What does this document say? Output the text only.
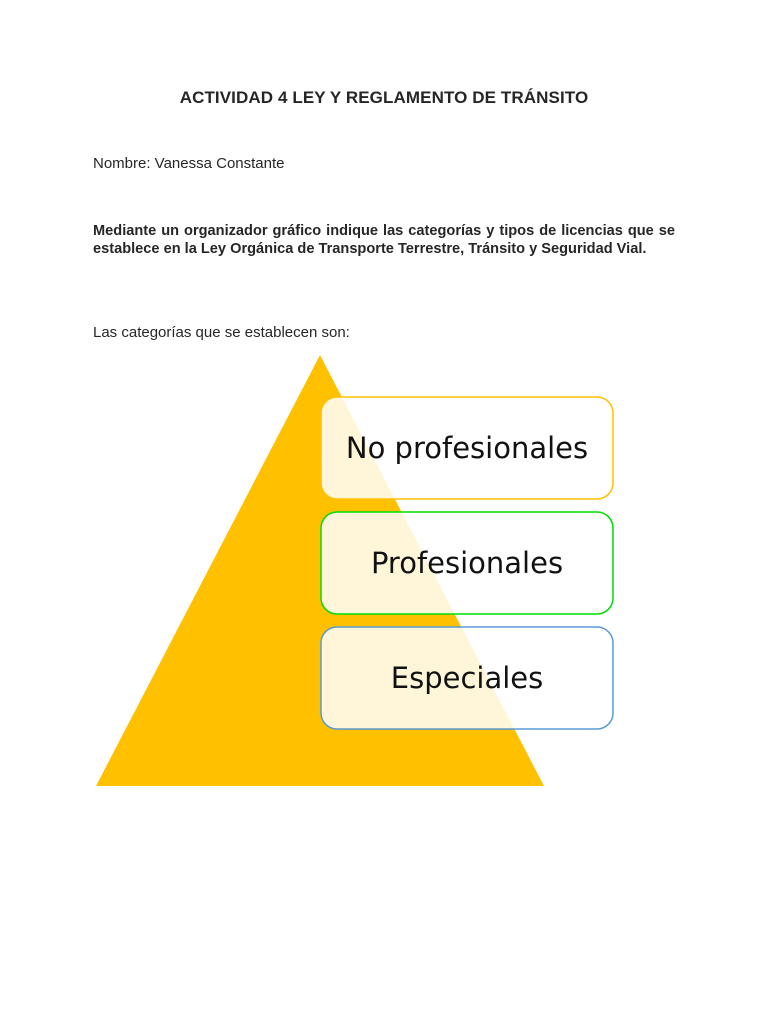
ACTIVIDAD 4 LEY Y REGLAMENTO DE TRÁNSITO
Nombre: Vanessa Constante
Mediante un organizador gráfico indique las categorías y tipos de licencias que se establece en la Ley Orgánica de Transporte Terrestre, Tránsito y Seguridad Vial.
Las categorías que se establecen son:
No profesionales
Profesionales
Especiales
